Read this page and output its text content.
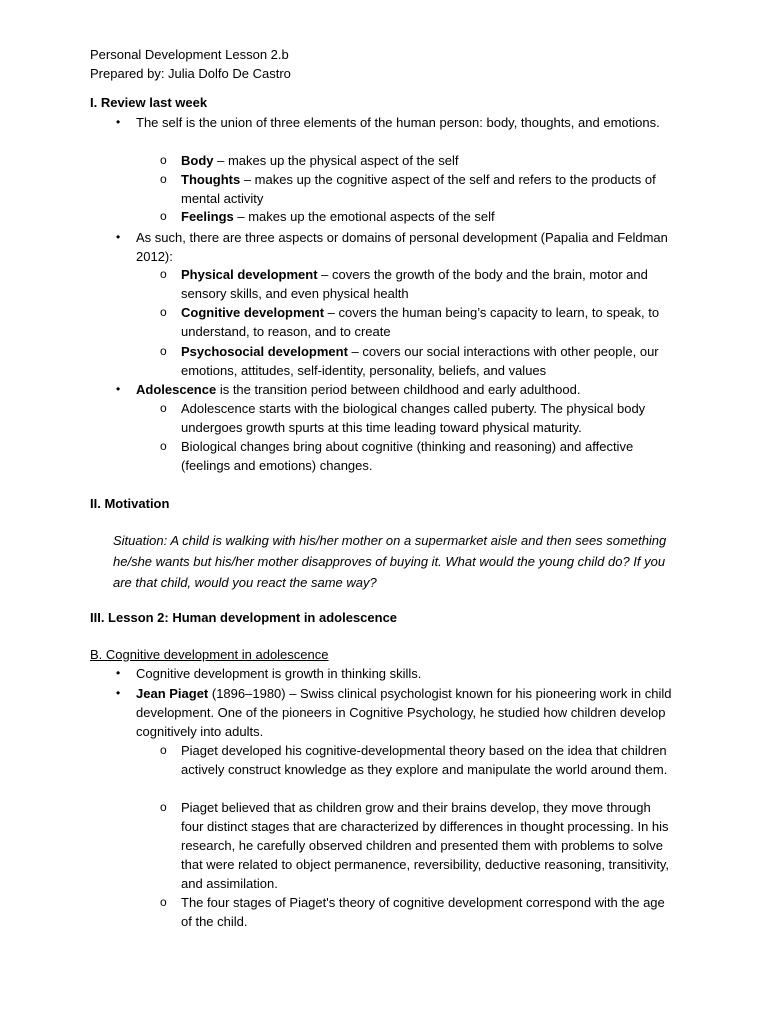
Personal Development Lesson 2.b
Prepared by: Julia Dolfo De Castro
I. Review last week
•	The self is the union of three elements of the human person: body, thoughts, and emotions.
o	Body – makes up the physical aspect of the self
o	Thoughts – makes up the cognitive aspect of the self and refers to the products of mental activity
o	Feelings – makes up the emotional aspects of the self
•	As such, there are three aspects or domains of personal development (Papalia and Feldman 2012):
o	Physical development – covers the growth of the body and the brain, motor and sensory skills, and even physical health
o	Cognitive development – covers the human being’s capacity to learn, to speak, to understand, to reason, and to create
o	Psychosocial development – covers our social interactions with other people, our emotions, attitudes, self-identity, personality, beliefs, and values
•	Adolescence is the transition period between childhood and early adulthood.
o	Adolescence starts with the biological changes called puberty. The physical body undergoes growth spurts at this time leading toward physical maturity.
o	Biological changes bring about cognitive (thinking and reasoning) and affective (feelings and emotions) changes.
II. Motivation
Situation: A child is walking with his/her mother on a supermarket aisle and then sees something he/she wants but his/her mother disapproves of buying it. What would the young child do? If you are that child, would you react the same way?
III. Lesson 2: Human development in adolescence
B. Cognitive development in adolescence
•	Cognitive development is growth in thinking skills.
•	Jean Piaget (1896–1980) – Swiss clinical psychologist known for his pioneering work in child development. One of the pioneers in Cognitive Psychology, he studied how children develop cognitively into adults.
o	Piaget developed his cognitive-developmental theory based on the idea that children actively construct knowledge as they explore and manipulate the world around them.
o	Piaget believed that as children grow and their brains develop, they move through four distinct stages that are characterized by differences in thought processing. In his research, he carefully observed children and presented them with problems to solve that were related to object permanence, reversibility, deductive reasoning, transitivity, and assimilation.
o	The four stages of Piaget's theory of cognitive development correspond with the age of the child.
